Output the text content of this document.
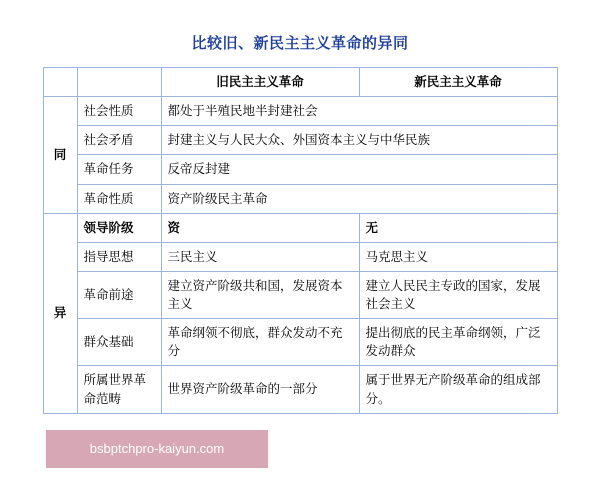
比较旧、新民主主义革命的异同
		旧民主主义革命	新民主主义革命
同	社会性质	都处于半殖民地半封建社会	
	社会矛盾	封建主义与人民大众、外国资本主义与中华民族	
	革命任务	反帝反封建	
	革命性质	资产阶级民主革命	
异	领导阶级	资	无
	指导思想	三民主义	马克思主义
	革命前途	建立资产阶级共和国，发展资本主义	建立人民民主专政的国家，发展社会主义
	群众基础	革命纲领不彻底，群众发动不充分	提出彻底的民主革命纲领，广泛发动群众
	所属世界革命范畴	世界资产阶级革命的一部分	属于世界无产阶级革命的组成部分。
bsbptchpro-kaiyun.com
